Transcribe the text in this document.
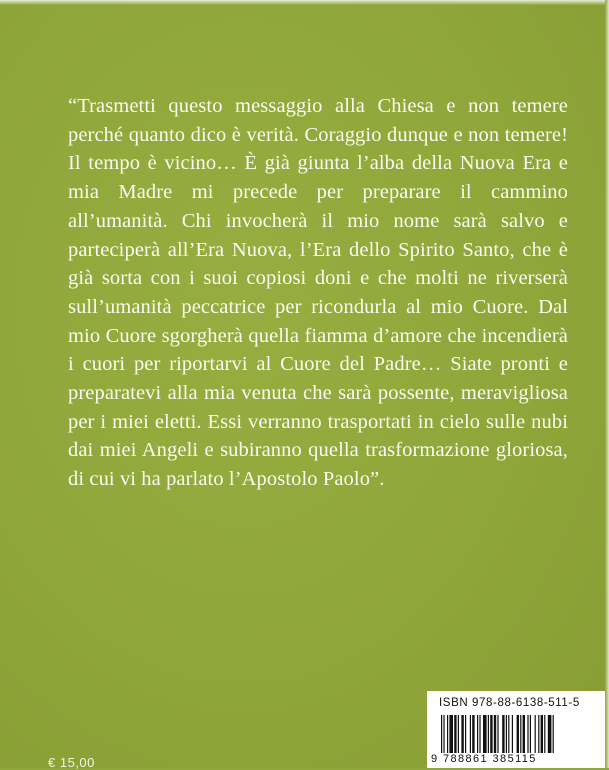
“Trasmetti questo messaggio alla Chiesa e non temere perché quanto dico è verità. Coraggio dunque e non temere! Il tempo è vicino… È già giunta l’alba della Nuova Era e mia Madre mi precede per preparare il cammino all’umanità. Chi invocherà il mio nome sarà salvo e parteciperà all’Era Nuova, l’Era dello Spirito Santo, che è già sorta con i suoi copiosi doni e che molti ne riverserà sull’umanità peccatrice per ricondurla al mio Cuore. Dal mio Cuore sgorgherà quella fiamma d’amore che incendierà i cuori per riportarvi al Cuore del Padre… Siate pronti e preparatevi alla mia venuta che sarà possente, meravigliosa per i miei eletti. Essi verranno trasportati in cielo sulle nubi dai miei Angeli e subiranno quella trasformazione gloriosa, di cui vi ha parlato l’Apostolo Paolo”.

ISBN 978-88-6138-511-5
9 788861 385115
€ 15,00
